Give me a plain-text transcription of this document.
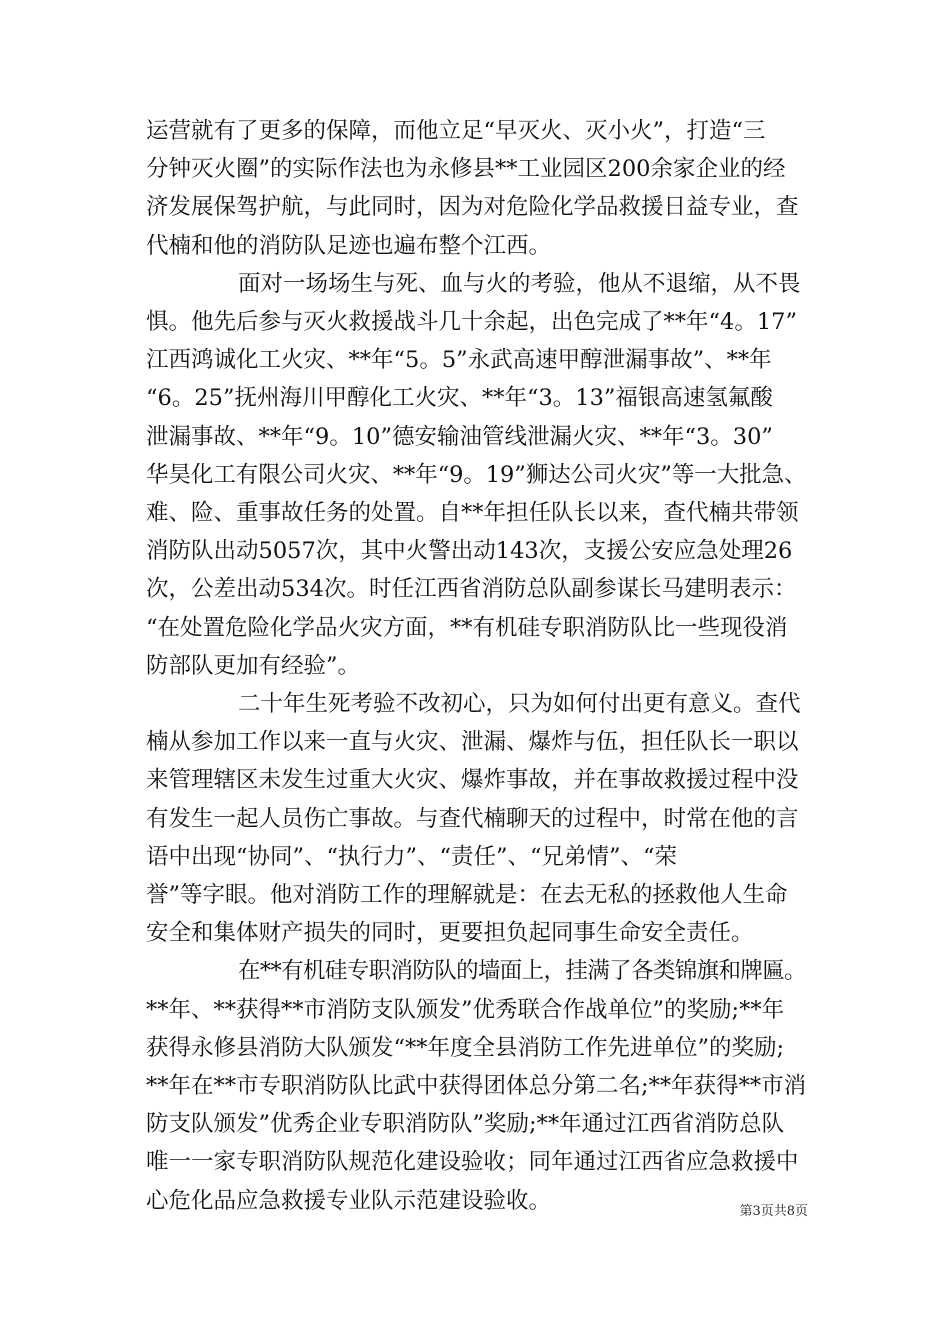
运营就有了更多的保障，而他立足“早灭火、灭小火”，打造“三
分钟灭火圈”的实际作法也为永修县**工业园区200余家企业的经
济发展保驾护航，与此同时，因为对危险化学品救援日益专业，查
代楠和他的消防队足迹也遍布整个江西。

面对一场场生与死、血与火的考验，他从不退缩，从不畏
惧。他先后参与灭火救援战斗几十余起，出色完成了**年“4。17”
江西鸿诚化工火灾、**年“5。5”永武高速甲醇泄漏事故”、**年
“6。25”抚州海川甲醇化工火灾、**年“3。13”福银高速氢氟酸
泄漏事故、**年“9。10”德安输油管线泄漏火灾、**年“3。30”
华昊化工有限公司火灾、**年“9。19”狮达公司火灾”等一大批急、
难、险、重事故任务的处置。自**年担任队长以来，查代楠共带领
消防队出动5057次，其中火警出动143次，支援公安应急处理26
次，公差出动534次。时任江西省消防总队副参谋长马建明表示：
“在处置危险化学品火灾方面，**有机硅专职消防队比一些现役消
防部队更加有经验”。

二十年生死考验不改初心，只为如何付出更有意义。查代
楠从参加工作以来一直与火灾、泄漏、爆炸与伍，担任队长一职以
来管理辖区未发生过重大火灾、爆炸事故，并在事故救援过程中没
有发生一起人员伤亡事故。与查代楠聊天的过程中，时常在他的言
语中出现“协同”、“执行力”、“责任”、“兄弟情”、“荣
誉”等字眼。他对消防工作的理解就是：在去无私的拯救他人生命
安全和集体财产损失的同时，更要担负起同事生命安全责任。

在**有机硅专职消防队的墙面上，挂满了各类锦旗和牌匾。
**年、**获得**市消防支队颁发”优秀联合作战单位”的奖励;**年
获得永修县消防大队颁发“**年度全县消防工作先进单位”的奖励;
**年在**市专职消防队比武中获得团体总分第二名;**年获得**市消
防支队颁发”优秀企业专职消防队”奖励;**年通过江西省消防总队
唯一一家专职消防队规范化建设验收；同年通过江西省应急救援中
心危化品应急救援专业队示范建设验收。	第3页共8页
